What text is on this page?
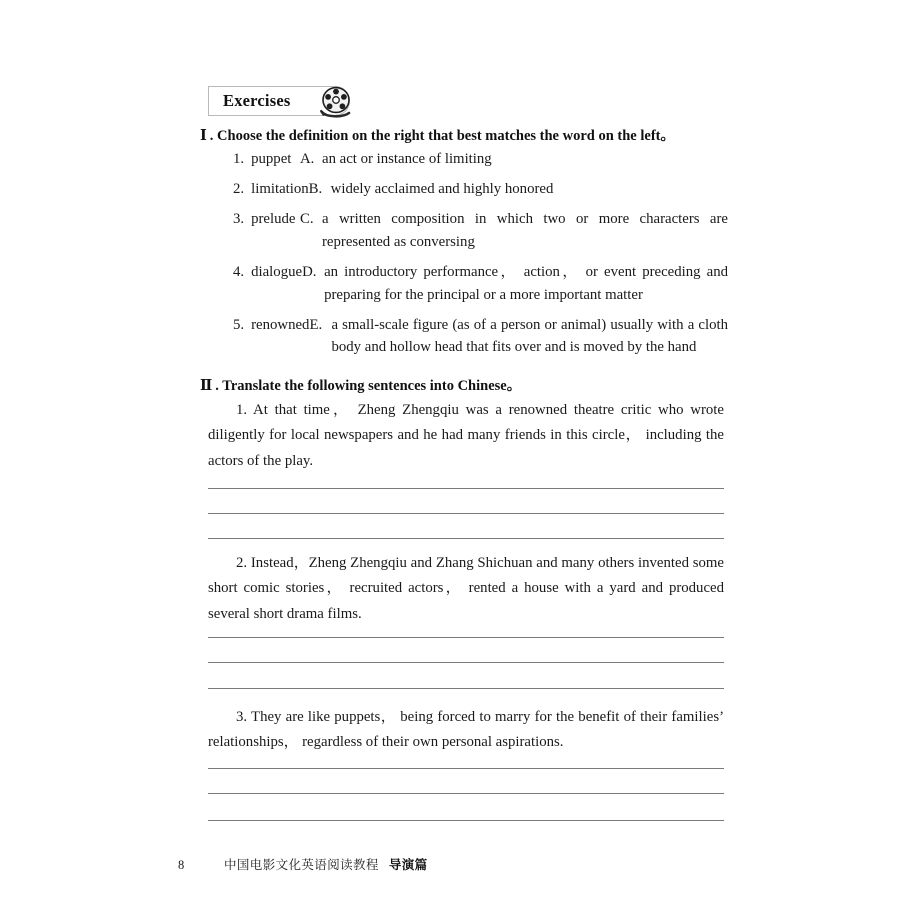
Exercises
Ⅰ . Choose the definition on the right that best matches the word on the left。
1. puppet A. an act or instance of limiting
2. limitation B. widely acclaimed and highly honored
3. prelude C. a written composition in which two or more characters are represented as conversing
4. dialogue D. an introductory performance， action， or event preceding and preparing for the principal or a more important matter
5. renowned E. a small-scale figure (as of a person or animal) usually with a cloth body and hollow head that fits over and is moved by the hand
Ⅱ . Translate the following sentences into Chinese。
1. At that time， Zheng Zhengqiu was a renowned theatre critic who wrote diligently for local newspapers and he had many friends in this circle， including the actors of the play.
2. Instead，Zheng Zhengqiu and Zhang Shichuan and many others invented some short comic stories， recruited actors， rented a house with a yard and produced several short drama films.
3. They are like puppets， being forced to marry for the benefit of their families’ relationships， regardless of their own personal aspirations.
8	中国电影文化英语阅读教程 导演篇
